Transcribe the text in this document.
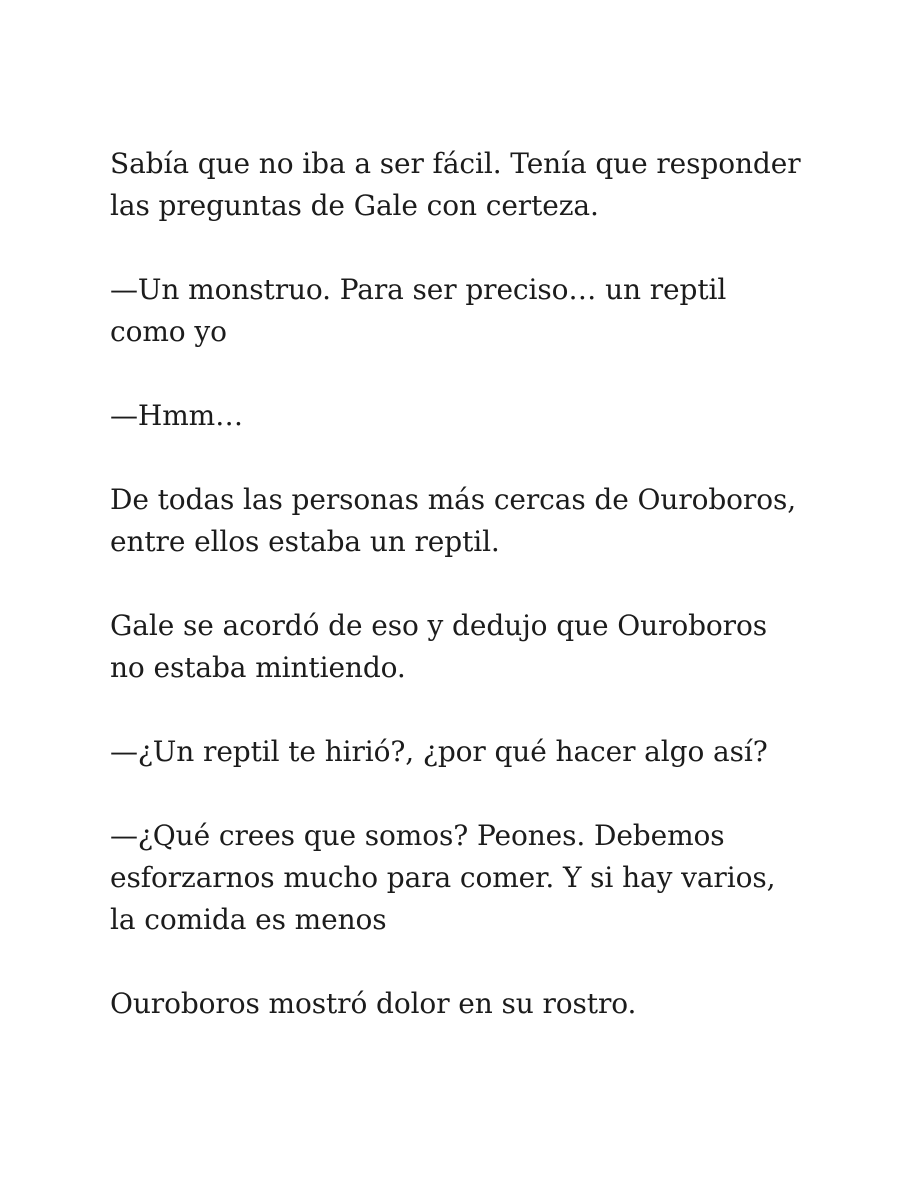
Sabía que no iba a ser fácil. Tenía que responder
las preguntas de Gale con certeza.

—Un monstruo. Para ser preciso… un reptil
como yo

—Hmm…

De todas las personas más cercas de Ouroboros,
entre ellos estaba un reptil.

Gale se acordó de eso y dedujo que Ouroboros
no estaba mintiendo.

—¿Un reptil te hirió?, ¿por qué hacer algo así?

—¿Qué crees que somos? Peones. Debemos
esforzarnos mucho para comer. Y si hay varios,
la comida es menos

Ouroboros mostró dolor en su rostro.
